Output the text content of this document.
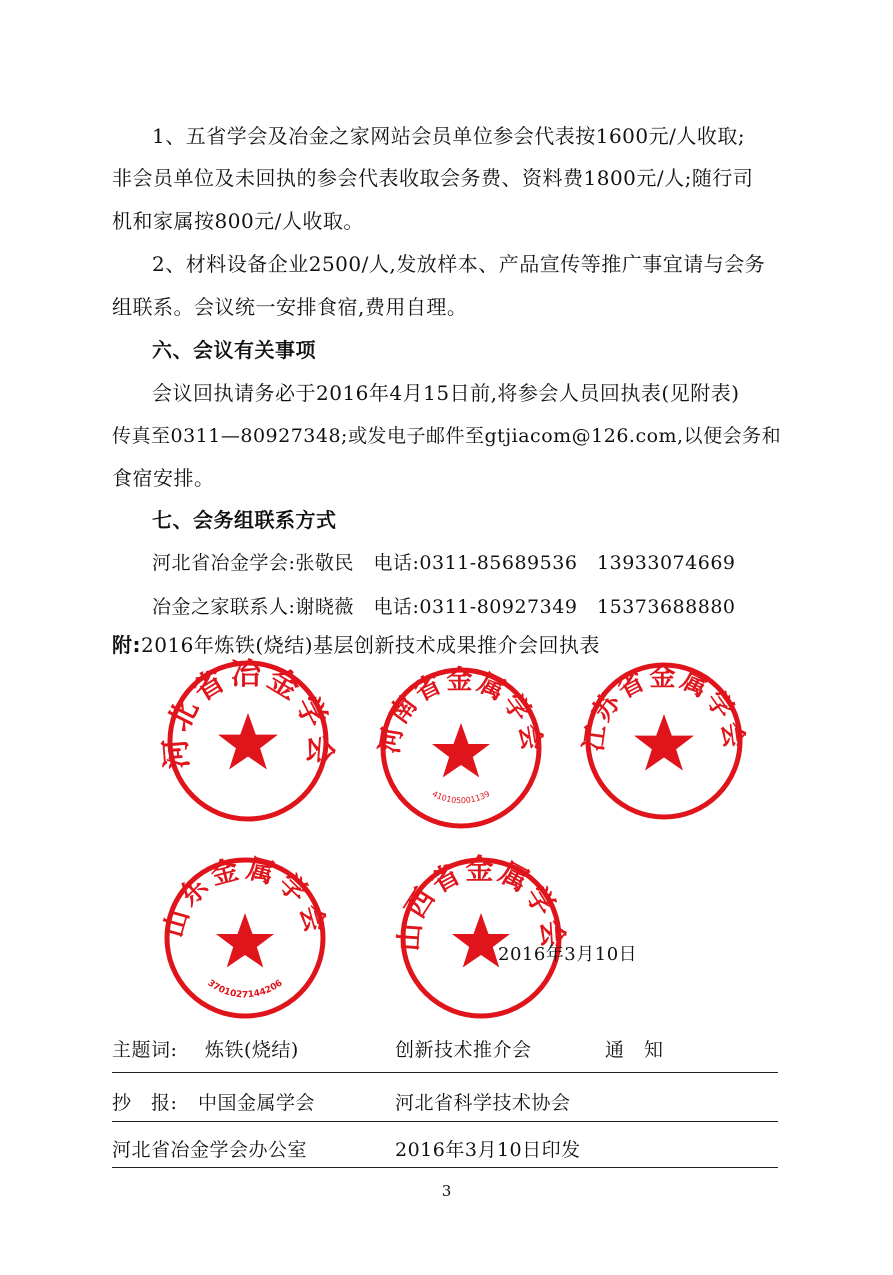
1、五省学会及冶金之家网站会员单位参会代表按1600元/人收取;
非会员单位及未回执的参会代表收取会务费、资料费1800元/人;随行司
机和家属按800元/人收取。
2、材料设备企业2500/人,发放样本、产品宣传等推广事宜请与会务
组联系。会议统一安排食宿,费用自理。
六、会议有关事项
会议回执请务必于2016年4月15日前,将参会人员回执表(见附表)
传真至0311—80927348;或发电子邮件至gtjiacom@126.com,以便会务和
食宿安排。
七、会务组联系方式
河北省冶金学会:张敬民   电话:0311-85689536   13933074669
冶金之家联系人:谢晓薇   电话:0311-80927349   15373688880
附:2016年炼铁(烧结)基层创新技术成果推介会回执表
河北省冶金学会 河南省金属学会
410105001139
江苏省金属学会
山东金属学会
3701027144206
山西省金属学会
2016年3月10日
主题词: 炼铁(烧结)	创新技术推介会	通　知
抄　报: 中国金属学会	河北省科学技术协会
河北省冶金学会办公室	2016年3月10日印发
3
